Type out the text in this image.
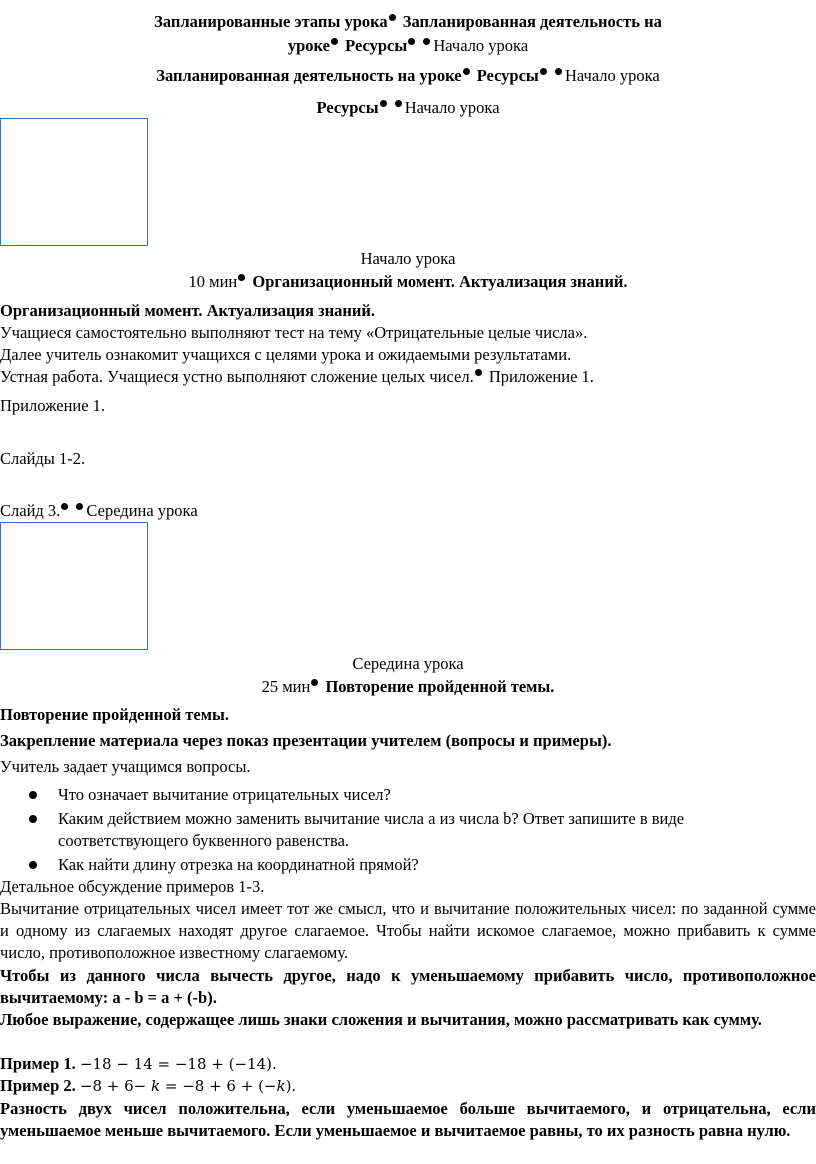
Запланированные этапы урока Запланированная деятельность на
уроке Ресурсы Начало урока
Запланированная деятельность на уроке Ресурсы Начало урока
Ресурсы Начало урока
Начало урока
10 мин Организационный момент. Актуализация знаний.
Организационный момент. Актуализация знаний.
Учащиеся самостоятельно выполняют тест на тему «Отрицательные целые числа».
Далее учитель ознакомит учащихся с целями урока и ожидаемыми результатами.
Устная работа. Учащиеся устно выполняют сложение целых чисел. Приложение 1.
Приложение 1.
Слайды 1-2.
Слайд 3. Середина урока
Середина урока
25 мин Повторение пройденной темы.
Повторение пройденной темы.
Закрепление материала через показ презентации учителем (вопросы и примеры).
Учитель задает учащимся вопросы.
Что означает вычитание отрицательных чисел?
Каким действием можно заменить вычитание числа a из числа b? Ответ запишите в виде
соответствующего буквенного равенства.
Как найти длину отрезка на координатной прямой?
Детальное обсуждение примеров 1-3.
Вычитание отрицательных чисел имеет тот же смысл, что и вычитание положительных чисел: по заданной сумме и одному из слагаемых находят другое слагаемое. Чтобы найти искомое слагаемое, можно прибавить к сумме число, противоположное известному слагаемому.
Чтобы из данного числа вычесть другое, надо к уменьшаемому прибавить число, противоположное вычитаемому: a - b = a + (-b).
Любое выражение, содержащее лишь знаки сложения и вычитания, можно рассматривать как сумму.
Пример 1. −18 − 14 = −18 + (−14).
Пример 2. −8 + 6− k = −8 + 6 + (−k).
Разность двух чисел положительна, если уменьшаемое больше вычитаемого, и отрицательна, если уменьшаемое меньше вычитаемого. Если уменьшаемое и вычитаемое равны, то их разность равна нулю.
